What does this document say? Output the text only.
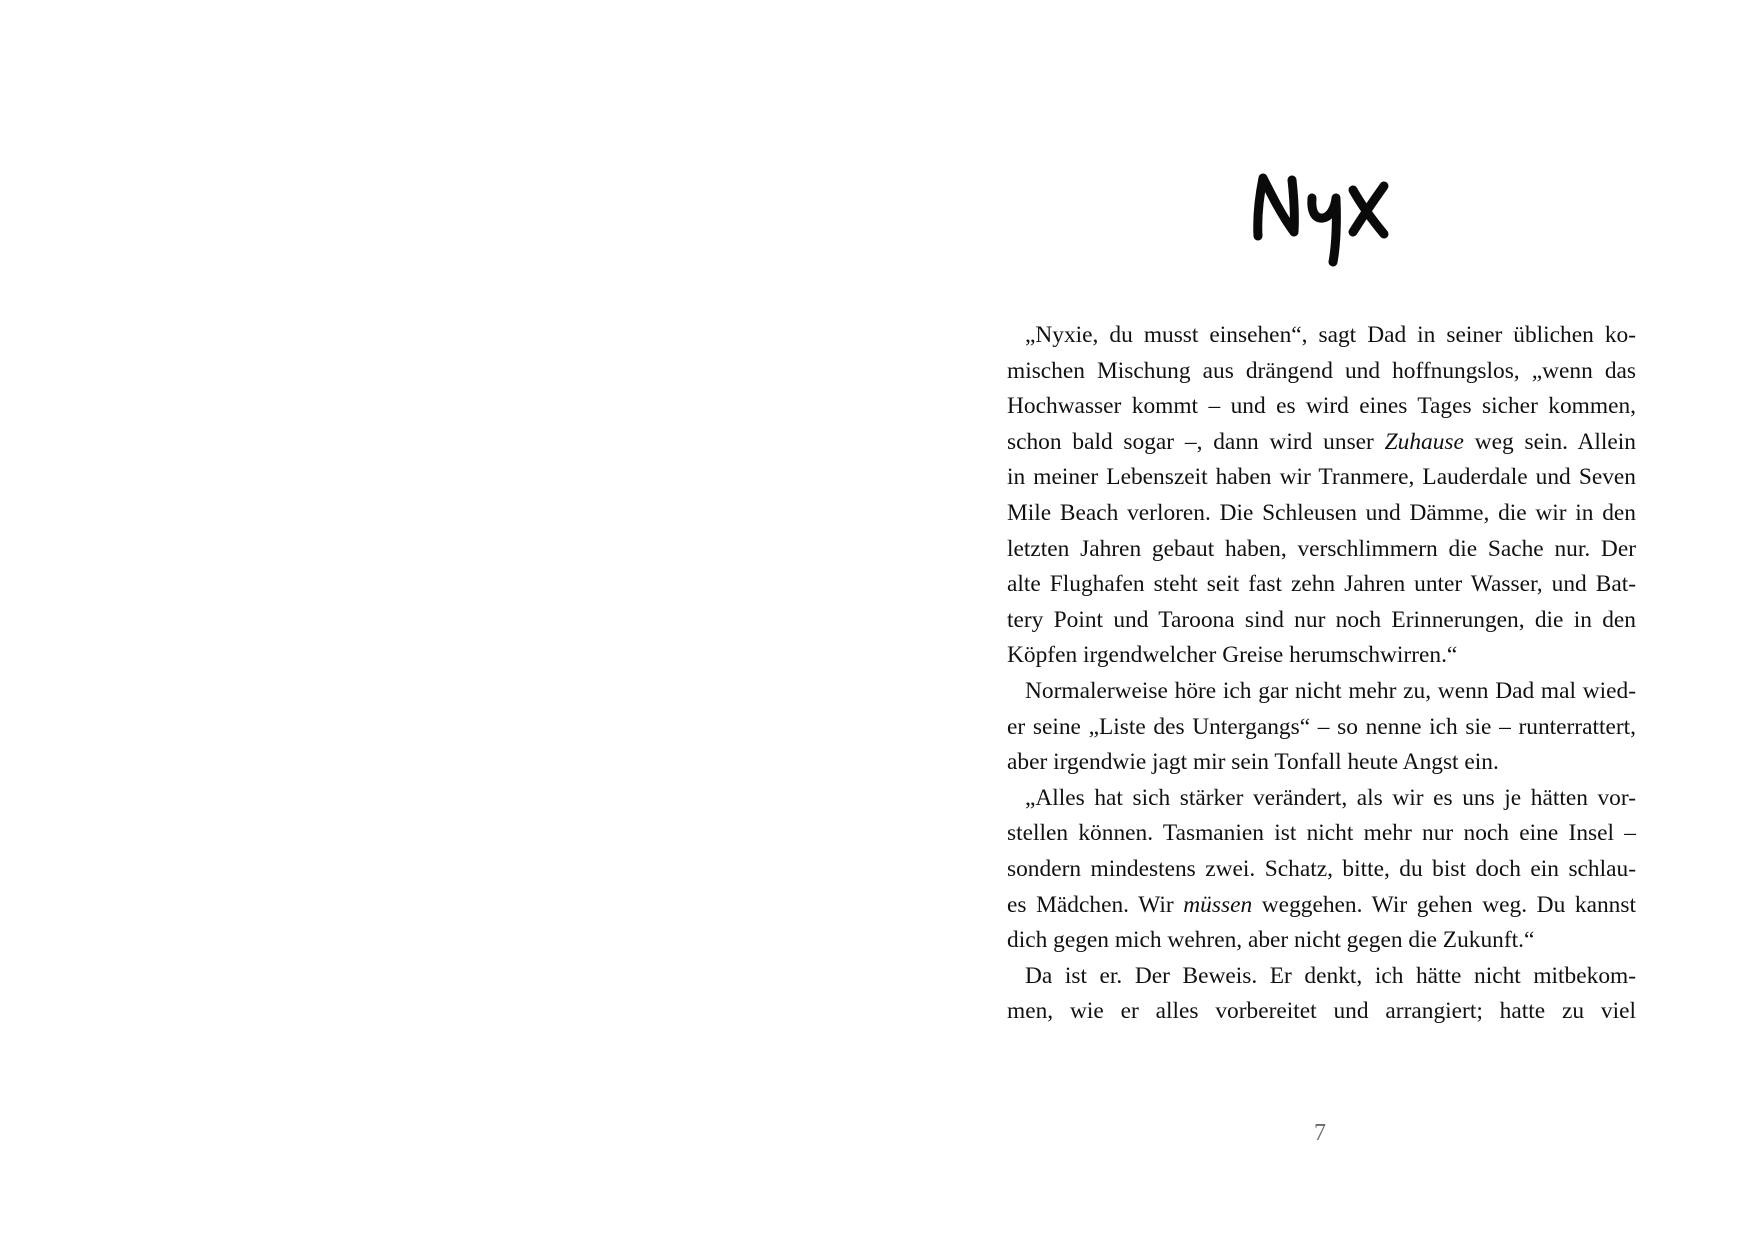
„Nyxie, du musst einsehen“, sagt Dad in seiner üblichen ko-
mischen Mischung aus drängend und hoffnungslos, „wenn das
Hochwasser kommt – und es wird eines Tages sicher kommen,
schon bald sogar –, dann wird unser Zuhause weg sein. Allein
in meiner Lebenszeit haben wir Tranmere, Lauderdale und Seven
Mile Beach verloren. Die Schleusen und Dämme, die wir in den
letzten Jahren gebaut haben, verschlimmern die Sache nur. Der
alte Flughafen steht seit fast zehn Jahren unter Wasser, und Bat-
tery Point und Taroona sind nur noch Erinnerungen, die in den
Köpfen irgendwelcher Greise herumschwirren.“
Normalerweise höre ich gar nicht mehr zu, wenn Dad mal wied-
er seine „Liste des Untergangs“ – so nenne ich sie – runterrattert,
aber irgendwie jagt mir sein Tonfall heute Angst ein.
„Alles hat sich stärker verändert, als wir es uns je hätten vor-
stellen können. Tasmanien ist nicht mehr nur noch eine Insel –
sondern mindestens zwei. Schatz, bitte, du bist doch ein schlau-
es Mädchen. Wir müssen weggehen. Wir gehen weg. Du kannst
dich gegen mich wehren, aber nicht gegen die Zukunft.“
Da ist er. Der Beweis. Er denkt, ich hätte nicht mitbekom-
men, wie er alles vorbereitet und arrangiert; hatte zu viel
7
